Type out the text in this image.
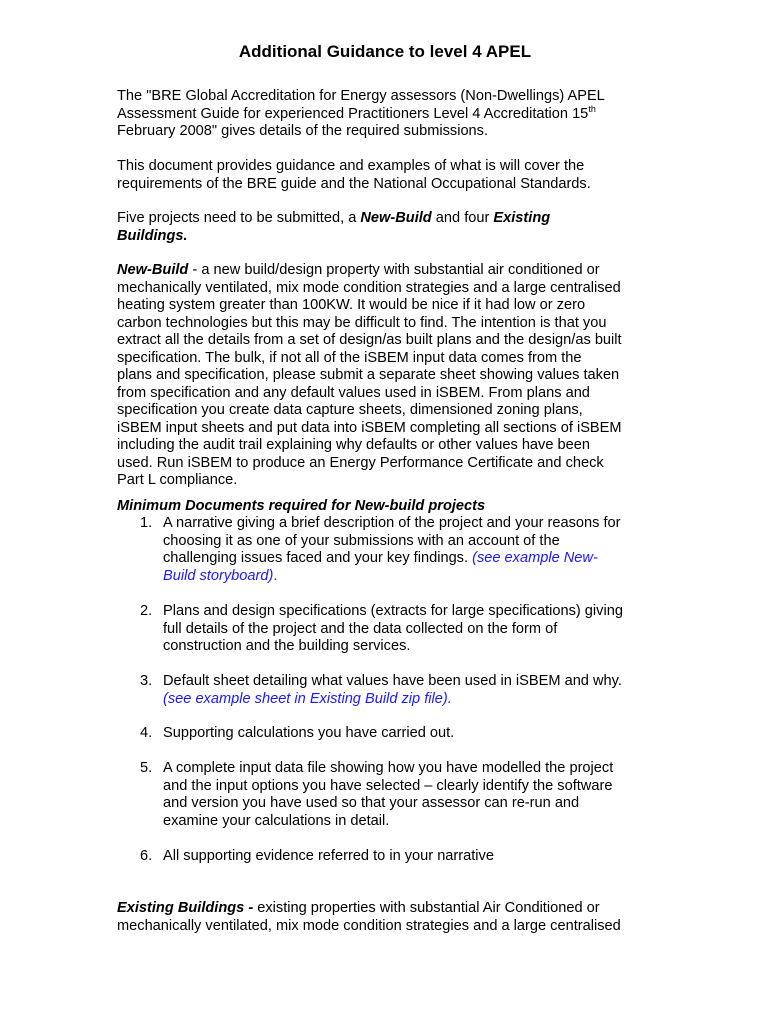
Additional Guidance to level 4 APEL
The "BRE Global Accreditation for Energy assessors (Non-Dwellings) APEL
Assessment Guide for experienced Practitioners Level 4 Accreditation 15th
February 2008" gives details of the required submissions.
This document provides guidance and examples of what is will cover the
requirements of the BRE guide and the National Occupational Standards.
Five projects need to be submitted, a New-Build and four Existing
Buildings.
New-Build - a new build/design property with substantial air conditioned or
mechanically ventilated, mix mode condition strategies and a large centralised
heating system greater than 100KW. It would be nice if it had low or zero
carbon technologies but this may be difficult to find. The intention is that you
extract all the details from a set of design/as built plans and the design/as built
specification. The bulk, if not all of the iSBEM input data comes from the
plans and specification, please submit a separate sheet showing values taken
from specification and any default values used in iSBEM. From plans and
specification you create data capture sheets, dimensioned zoning plans,
iSBEM input sheets and put data into iSBEM completing all sections of iSBEM
including the audit trail explaining why defaults or other values have been
used. Run iSBEM to produce an Energy Performance Certificate and check
Part L compliance.
Minimum Documents required for New-build projects
1. A narrative giving a brief description of the project and your reasons for
choosing it as one of your submissions with an account of the
challenging issues faced and your key findings. (see example New-
Build storyboard).
2. Plans and design specifications (extracts for large specifications) giving
full details of the project and the data collected on the form of
construction and the building services.
3. Default sheet detailing what values have been used in iSBEM and why.
(see example sheet in Existing Build zip file).
4. Supporting calculations you have carried out.
5. A complete input data file showing how you have modelled the project
and the input options you have selected – clearly identify the software
and version you have used so that your assessor can re-run and
examine your calculations in detail.
6. All supporting evidence referred to in your narrative
Existing Buildings - existing properties with substantial Air Conditioned or
mechanically ventilated, mix mode condition strategies and a large centralised
